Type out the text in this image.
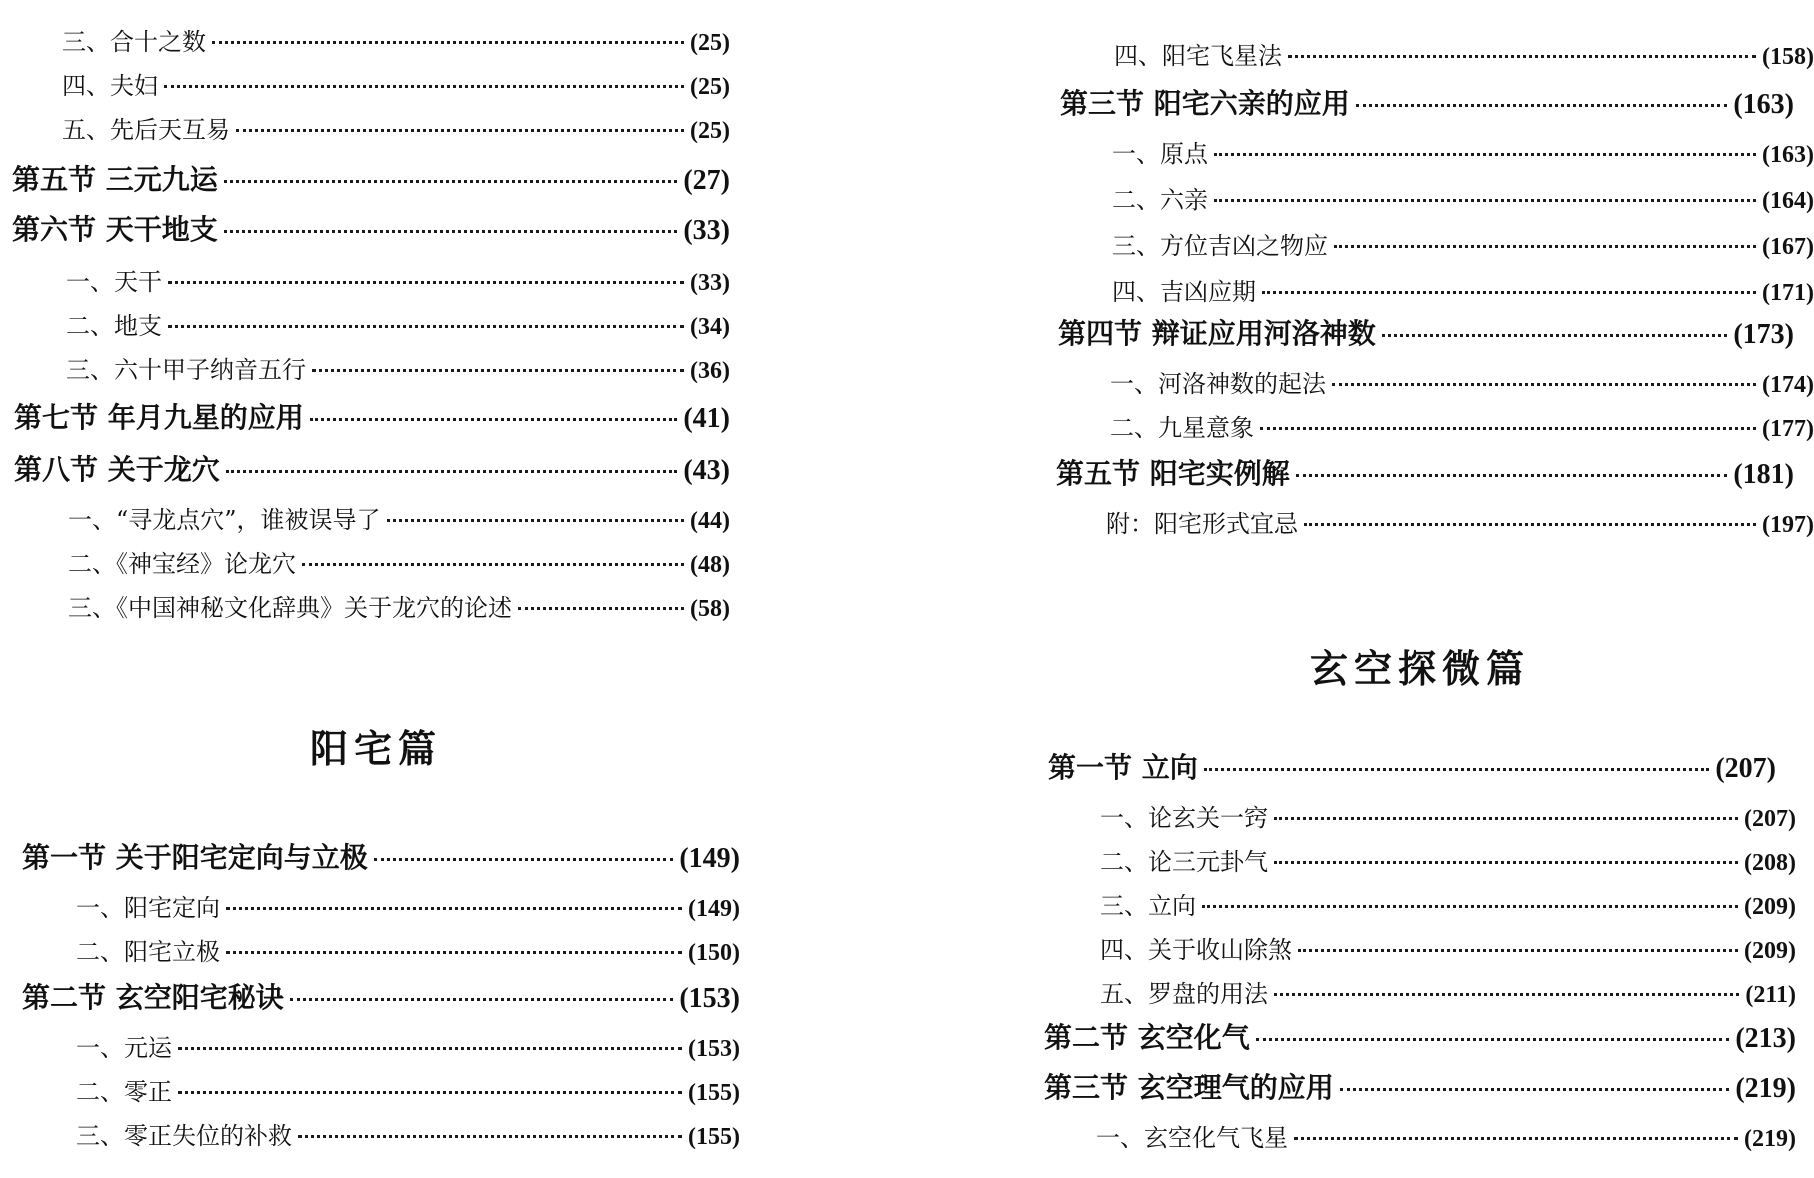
三、合十之数	(25)
四、夫妇	(25)
五、先后天互易	(25)
第五节 三元九运	(27)
第六节 天干地支	(33)
一、天干	(33)
二、地支	(34)
三、六十甲子纳音五行	(36)
第七节 年月九星的应用	(41)
第八节 关于龙穴	(43)
一、“寻龙点穴”，谁被误导了	(44)
二、《神宝经》论龙穴	(48)
三、《中国神秘文化辞典》关于龙穴的论述	(58)
阳宅篇
第一节 关于阳宅定向与立极	(149)
一、阳宅定向	(149)
二、阳宅立极	(150)
第二节 玄空阳宅秘诀	(153)
一、元运	(153)
二、零正	(155)
三、零正失位的补救	(155)
四、阳宅飞星法	(158)
第三节 阳宅六亲的应用	(163)
一、原点	(163)
二、六亲	(164)
三、方位吉凶之物应	(167)
四、吉凶应期	(171)
第四节 辩证应用河洛神数	(173)
一、河洛神数的起法	(174)
二、九星意象	(177)
第五节 阳宅实例解	(181)
附：阳宅形式宜忌	(197)
玄空探微篇
第一节 立向	(207)
一、论玄关一窍	(207)
二、论三元卦气	(208)
三、立向	(209)
四、关于收山除煞	(209)
五、罗盘的用法	(211)
第二节 玄空化气	(213)
第三节 玄空理气的应用	(219)
一、玄空化气飞星	(219)
